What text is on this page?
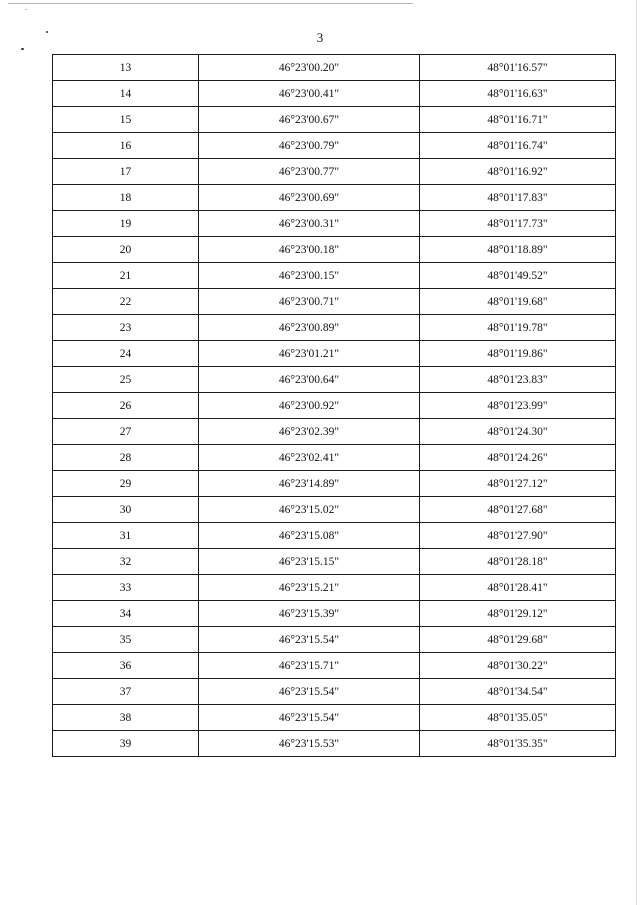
3
13	46°23'00.20"	48°01'16.57"
14	46°23'00.41"	48°01'16.63"
15	46°23'00.67"	48°01'16.71"
16	46°23'00.79"	48°01'16.74"
17	46°23'00.77"	48°01'16.92"
18	46°23'00.69"	48°01'17.83"
19	46°23'00.31"	48°01'17.73"
20	46°23'00.18"	48°01'18.89"
21	46°23'00.15"	48°01'49.52"
22	46°23'00.71"	48°01'19.68"
23	46°23'00.89"	48°01'19.78"
24	46°23'01.21"	48°01'19.86"
25	46°23'00.64"	48°01'23.83"
26	46°23'00.92"	48°01'23.99"
27	46°23'02.39"	48°01'24.30"
28	46°23'02.41"	48°01'24.26"
29	46°23'14.89"	48°01'27.12"
30	46°23'15.02"	48°01'27.68"
31	46°23'15.08"	48°01'27.90"
32	46°23'15.15"	48°01'28.18"
33	46°23'15.21"	48°01'28.41"
34	46°23'15.39"	48°01'29.12"
35	46°23'15.54"	48°01'29.68"
36	46°23'15.71"	48°01'30.22"
37	46°23'15.54"	48°01'34.54"
38	46°23'15.54"	48°01'35.05"
39	46°23'15.53"	48°01'35.35"
